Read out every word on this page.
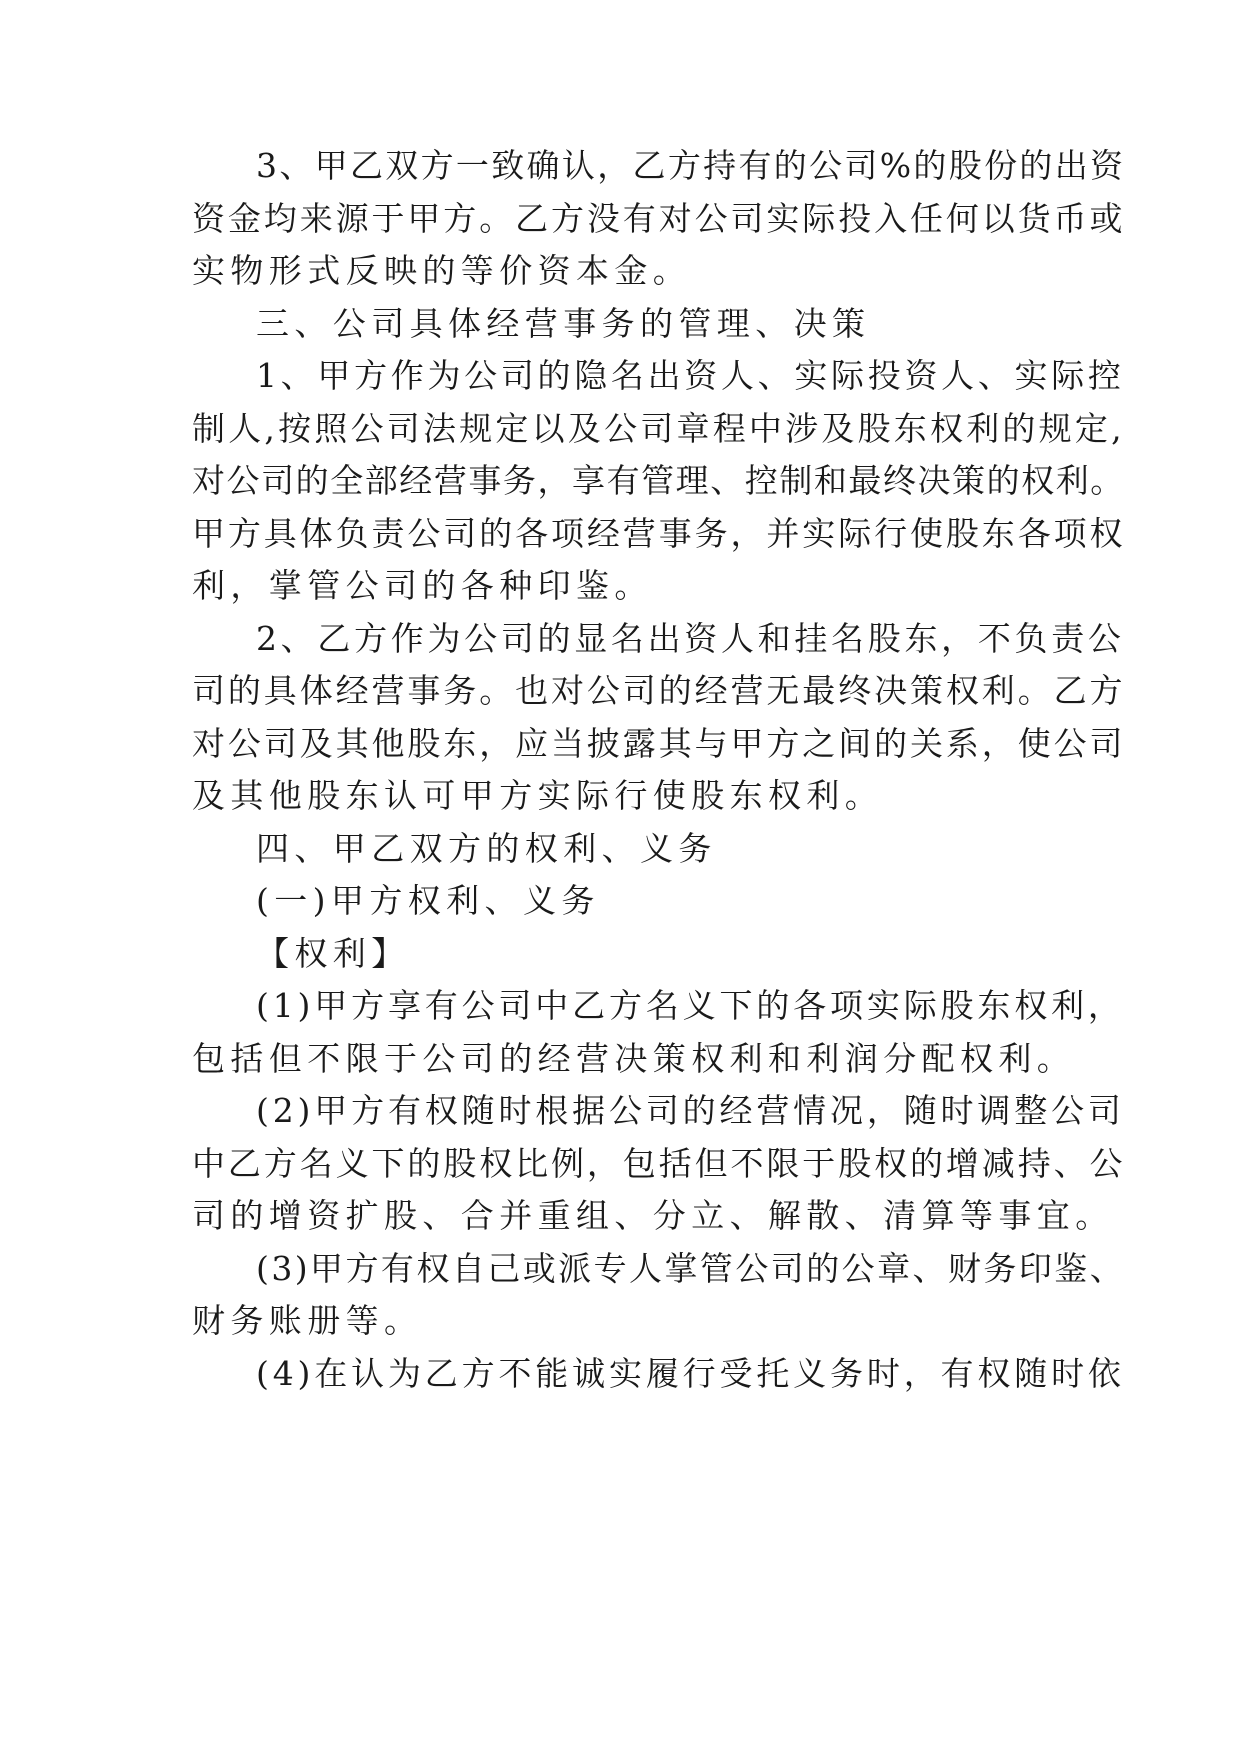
3、甲乙双方一致确认，乙方持有的公司%的股份的出资
资金均来源于甲方。乙方没有对公司实际投入任何以货币或
实物形式反映的等价资本金。
三、公司具体经营事务的管理、决策
1、甲方作为公司的隐名出资人、实际投资人、实际控
制人,按照公司法规定以及公司章程中涉及股东权利的规定,
对公司的全部经营事务，享有管理、控制和最终决策的权利。
甲方具体负责公司的各项经营事务，并实际行使股东各项权
利，掌管公司的各种印鉴。
2、乙方作为公司的显名出资人和挂名股东，不负责公
司的具体经营事务。也对公司的经营无最终决策权利。乙方
对公司及其他股东，应当披露其与甲方之间的关系，使公司
及其他股东认可甲方实际行使股东权利。
四、甲乙双方的权利、义务
(一)甲方权利、义务
【权利】
(1)甲方享有公司中乙方名义下的各项实际股东权利，
包括但不限于公司的经营决策权利和利润分配权利。
(2)甲方有权随时根据公司的经营情况，随时调整公司
中乙方名义下的股权比例，包括但不限于股权的增减持、公
司的增资扩股、合并重组、分立、解散、清算等事宜。
(3)甲方有权自己或派专人掌管公司的公章、财务印鉴、
财务账册等。
(4)在认为乙方不能诚实履行受托义务时，有权随时依
